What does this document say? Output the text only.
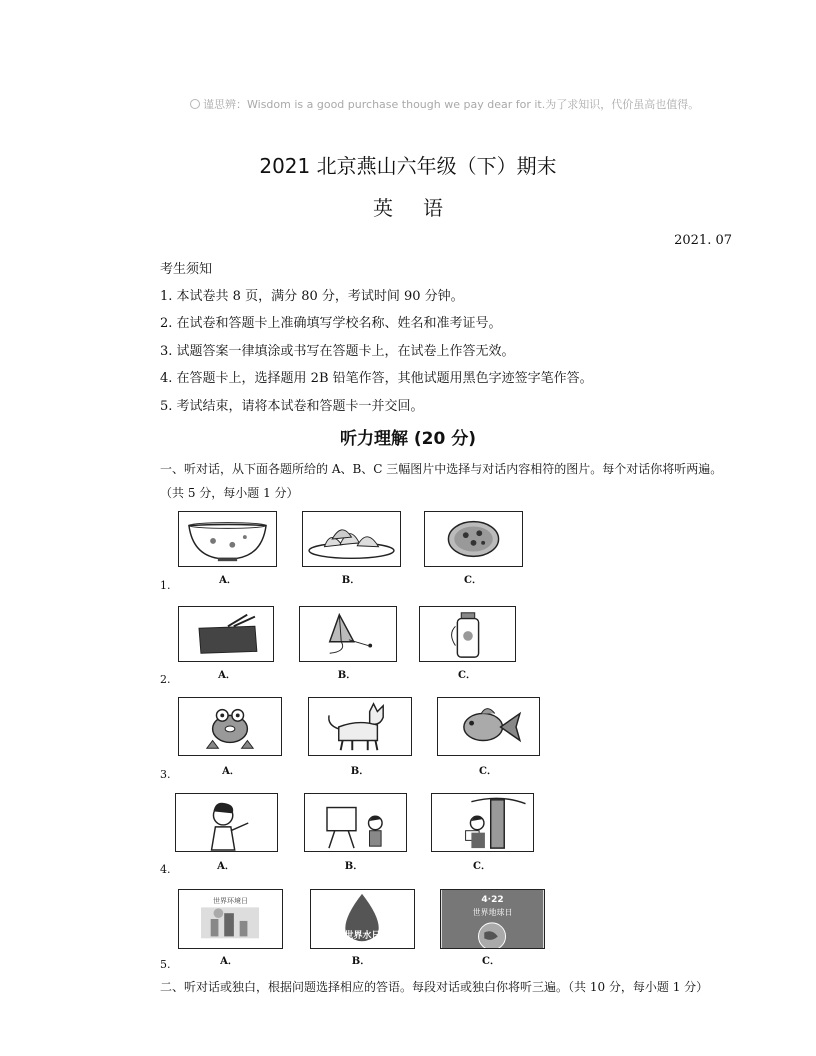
谨思辨：Wisdom is a good purchase though we pay dear for it.为了求知识，代价虽高也值得。
2021 北京燕山六年级（下）期末
英语
2021. 07
考生须知
1. 本试卷共 8 页，满分 80 分，考试时间 90 分钟。
2. 在试卷和答题卡上准确填写学校名称、姓名和准考证号。
3. 试题答案一律填涂或书写在答题卡上，在试卷上作答无效。
4. 在答题卡上，选择题用 2B 铅笔作答，其他试题用黑色字迹签字笔作答。
5. 考试结束，请将本试卷和答题卡一并交回。
听力理解 (20 分)
一、听对话，从下面各题所给的 A、B、C 三幅图片中选择与对话内容相符的图片。每个对话你将听两遍。
（共 5 分，每小题 1 分）
A．	B．	C．
1.
A．	B．	C．
2.
A．	B．	C．
3.
A．	B．	C．
4.
世界环境日
世界水日
4·22
世界地球日
A．	B．	C．
5.
二、听对话或独白，根据问题选择相应的答语。每段对话或独白你将听三遍。（共 10 分，每小题 1 分）
